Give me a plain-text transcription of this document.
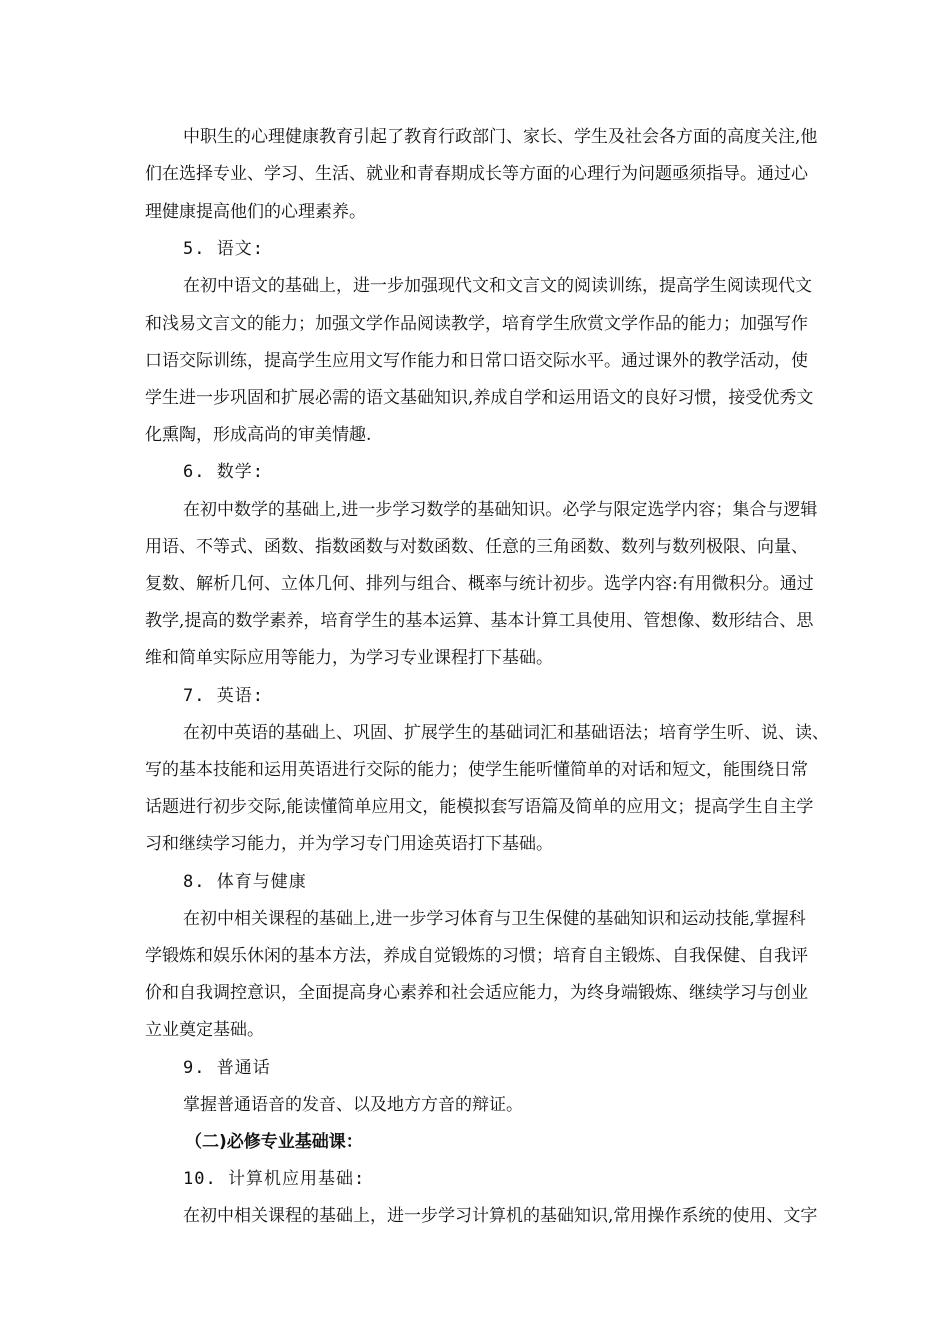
中职生的心理健康教育引起了教育行政部门、家长、学生及社会各方面的高度关注,他
们在选择专业、学习、生活、就业和青春期成长等方面的心理行为问题亟须指导。通过心
理健康提高他们的心理素养。
5. 语文:
在初中语文的基础上，进一步加强现代文和文言文的阅读训练，提高学生阅读现代文
和浅易文言文的能力；加强文学作品阅读教学，培育学生欣赏文学作品的能力；加强写作
口语交际训练，提高学生应用文写作能力和日常口语交际水平。通过课外的教学活动，使
学生进一步巩固和扩展必需的语文基础知识,养成自学和运用语文的良好习惯，接受优秀文
化熏陶，形成高尚的审美情趣.
6. 数学:
在初中数学的基础上,进一步学习数学的基础知识。必学与限定选学内容；集合与逻辑
用语、不等式、函数、指数函数与对数函数、任意的三角函数、数列与数列极限、向量、
复数、解析几何、立体几何、排列与组合、概率与统计初步。选学内容:有用微积分。通过
教学,提高的数学素养，培育学生的基本运算、基本计算工具使用、管想像、数形结合、思
维和简单实际应用等能力，为学习专业课程打下基础。
7. 英语:
在初中英语的基础上、巩固、扩展学生的基础词汇和基础语法；培育学生听、说、读、
写的基本技能和运用英语进行交际的能力；使学生能听懂简单的对话和短文，能围绕日常
话题进行初步交际,能读懂简单应用文，能模拟套写语篇及简单的应用文；提高学生自主学
习和继续学习能力，并为学习专门用途英语打下基础。
8. 体育与健康
在初中相关课程的基础上,进一步学习体育与卫生保健的基础知识和运动技能,掌握科
学锻炼和娱乐休闲的基本方法，养成自觉锻炼的习惯；培育自主锻炼、自我保健、自我评
价和自我调控意识，全面提高身心素养和社会适应能力，为终身端锻炼、继续学习与创业
立业奠定基础。
9. 普通话
掌握普通语音的发音、以及地方方音的辩证。
（二)必修专业基础课：
10. 计算机应用基础:
在初中相关课程的基础上，进一步学习计算机的基础知识,常用操作系统的使用、文字
